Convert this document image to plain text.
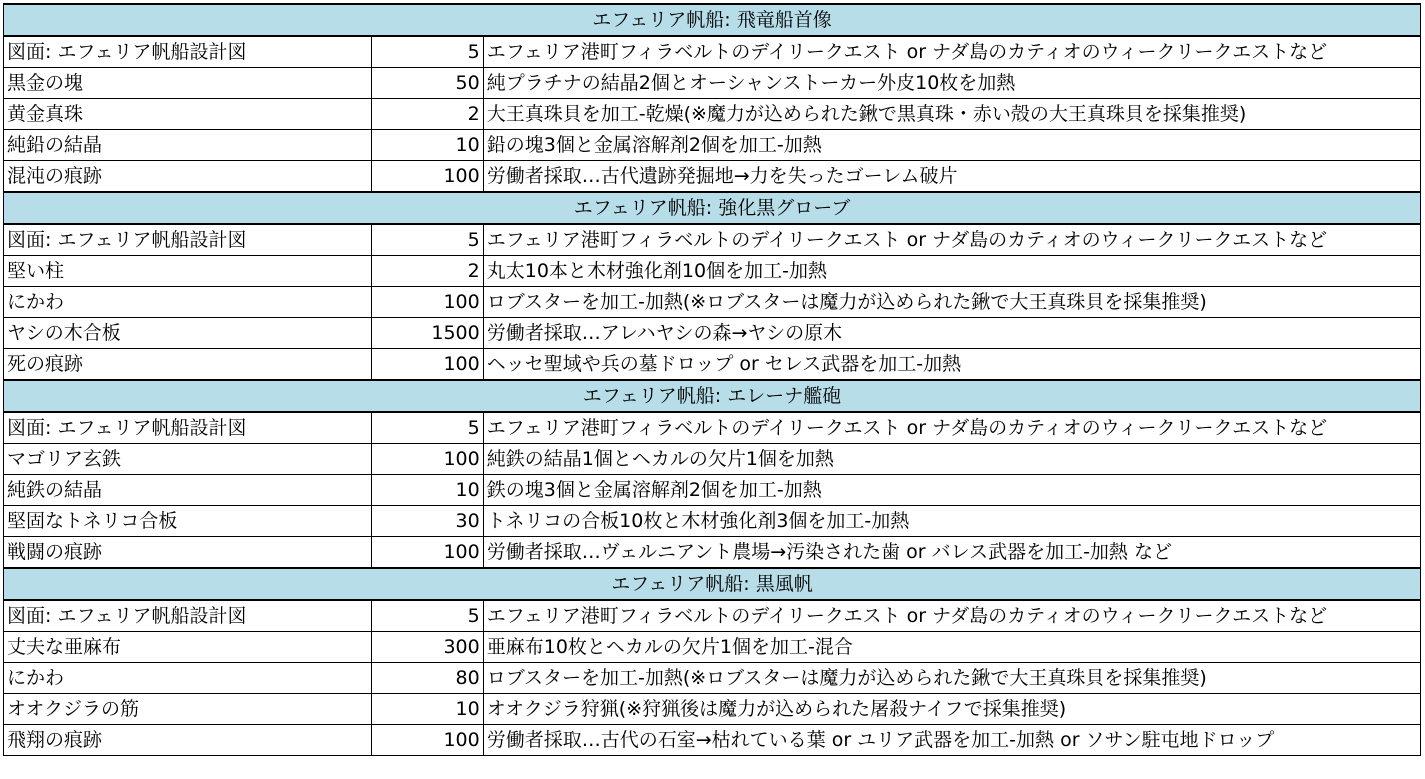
エフェリア帆船: 飛竜船首像		
図面: エフェリア帆船設計図	5	エフェリア港町フィラベルトのデイリークエスト or ナダ島のカティオのウィークリークエストなど
黒金の塊	50	純プラチナの結晶2個とオーシャンストーカー外皮10枚を加熱
黄金真珠	2	大王真珠貝を加工-乾燥(※魔力が込められた鍬で黒真珠・赤い殻の大王真珠貝を採集推奨)
純鉛の結晶	10	鉛の塊3個と金属溶解剤2個を加工-加熱
混沌の痕跡	100	労働者採取…古代遺跡発掘地→力を失ったゴーレム破片
エフェリア帆船: 強化黒グローブ		
図面: エフェリア帆船設計図	5	エフェリア港町フィラベルトのデイリークエスト or ナダ島のカティオのウィークリークエストなど
堅い柱	2	丸太10本と木材強化剤10個を加工-加熱
にかわ	100	ロブスターを加工-加熱(※ロブスターは魔力が込められた鍬で大王真珠貝を採集推奨)
ヤシの木合板	1500	労働者採取…アレハヤシの森→ヤシの原木
死の痕跡	100	ヘッセ聖域や兵の墓ドロップ or セレス武器を加工-加熱
エフェリア帆船: エレーナ艦砲		
図面: エフェリア帆船設計図	5	エフェリア港町フィラベルトのデイリークエスト or ナダ島のカティオのウィークリークエストなど
マゴリア玄鉄	100	純鉄の結晶1個とヘカルの欠片1個を加熱
純鉄の結晶	10	鉄の塊3個と金属溶解剤2個を加工-加熱
堅固なトネリコ合板	30	トネリコの合板10枚と木材強化剤3個を加工-加熱
戦闘の痕跡	100	労働者採取…ヴェルニアント農場→汚染された歯 or バレス武器を加工-加熱 など
エフェリア帆船: 黒風帆		
図面: エフェリア帆船設計図	5	エフェリア港町フィラベルトのデイリークエスト or ナダ島のカティオのウィークリークエストなど
丈夫な亜麻布	300	亜麻布10枚とヘカルの欠片1個を加工-混合
にかわ	80	ロブスターを加工-加熱(※ロブスターは魔力が込められた鍬で大王真珠貝を採集推奨)
オオクジラの筋	10	オオクジラ狩猟(※狩猟後は魔力が込められた屠殺ナイフで採集推奨)
飛翔の痕跡	100	労働者採取…古代の石室→枯れている葉 or ユリア武器を加工-加熱 or ソサン駐屯地ドロップ
